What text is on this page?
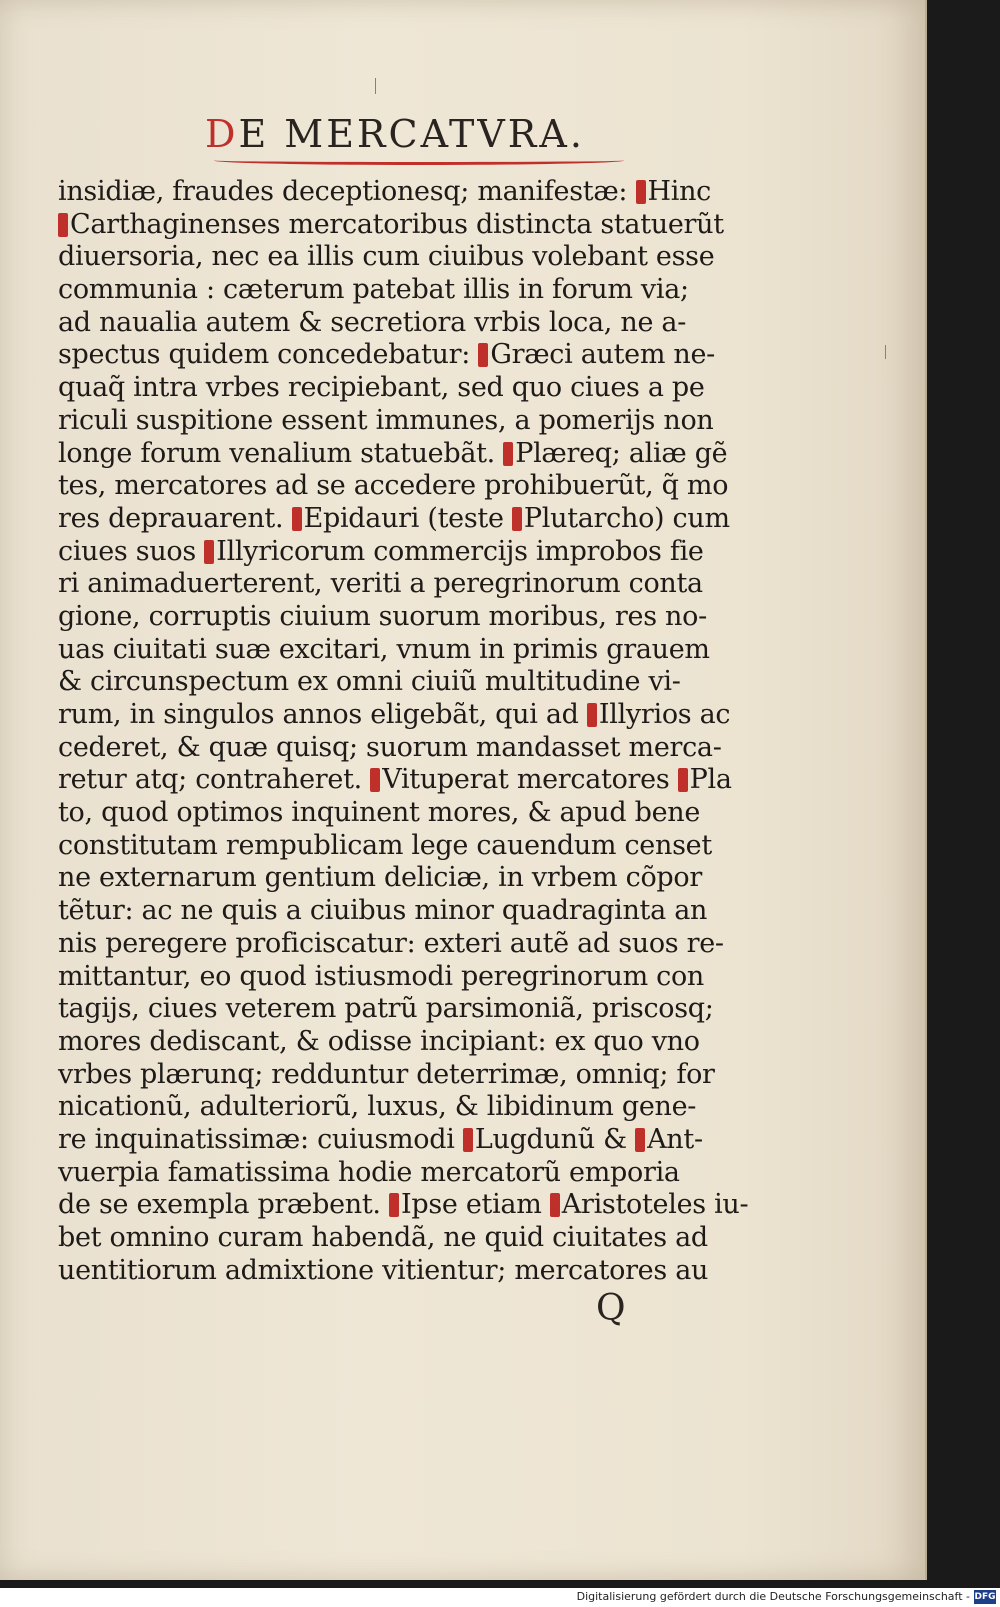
DE MERCATVRA.
insidiæ, fraudes deceptionesq; manifestæ: Hinc
Carthaginenses mercatoribus distincta statuerũt
diuersoria, nec ea illis cum ciuibus volebant esse
communia : cæterum patebat illis in forum via;
ad naualia autem & secretiora vrbis loca, ne a-
spectus quidem concedebatur: Græci autem ne-
quaq̃ intra vrbes recipiebant, sed quo ciues a pe
riculi suspitione essent immunes, a pomerijs non
longe forum venalium statuebãt. Plæreq; aliæ gẽ
tes, mercatores ad se accedere prohibuerũt, q̃ mo
res deprauarent. Epidauri (teste Plutarcho) cum
ciues suos Illyricorum commercijs improbos fie
ri animaduerterent, veriti a peregrinorum conta
gione, corruptis ciuium suorum moribus, res no-
uas ciuitati suæ excitari, vnum in primis grauem
& circunspectum ex omni ciuiũ multitudine vi-
rum, in singulos annos eligebãt, qui ad Illyrios ac
cederet, & quæ quisq; suorum mandasset merca-
retur atq; contraheret. Vituperat mercatores Pla
to, quod optimos inquinent mores, & apud bene
constitutam rempublicam lege cauendum censet
ne externarum gentium deliciæ, in vrbem cõpor
tẽtur: ac ne quis a ciuibus minor quadraginta an
nis peregere proficiscatur: exteri autẽ ad suos re-
mittantur, eo quod istiusmodi peregrinorum con
tagijs, ciues veterem patrũ parsimoniã, priscosq;
mores dediscant, & odisse incipiant: ex quo vno
vrbes plærunq; redduntur deterrimæ, omniq; for
nicationũ, adulteriorũ, luxus, & libidinum gene-
re inquinatissimæ: cuiusmodi Lugdunũ & Ant-
vuerpia famatissima hodie mercatorũ emporia
de se exempla præbent. Ipse etiam Aristoteles iu-
bet omnino curam habendã, ne quid ciuitates ad
uentitiorum admixtione vitientur; mercatores au
Q
Digitalisierung gefördert durch die Deutsche Forschungsgemeinschaft - DFG
